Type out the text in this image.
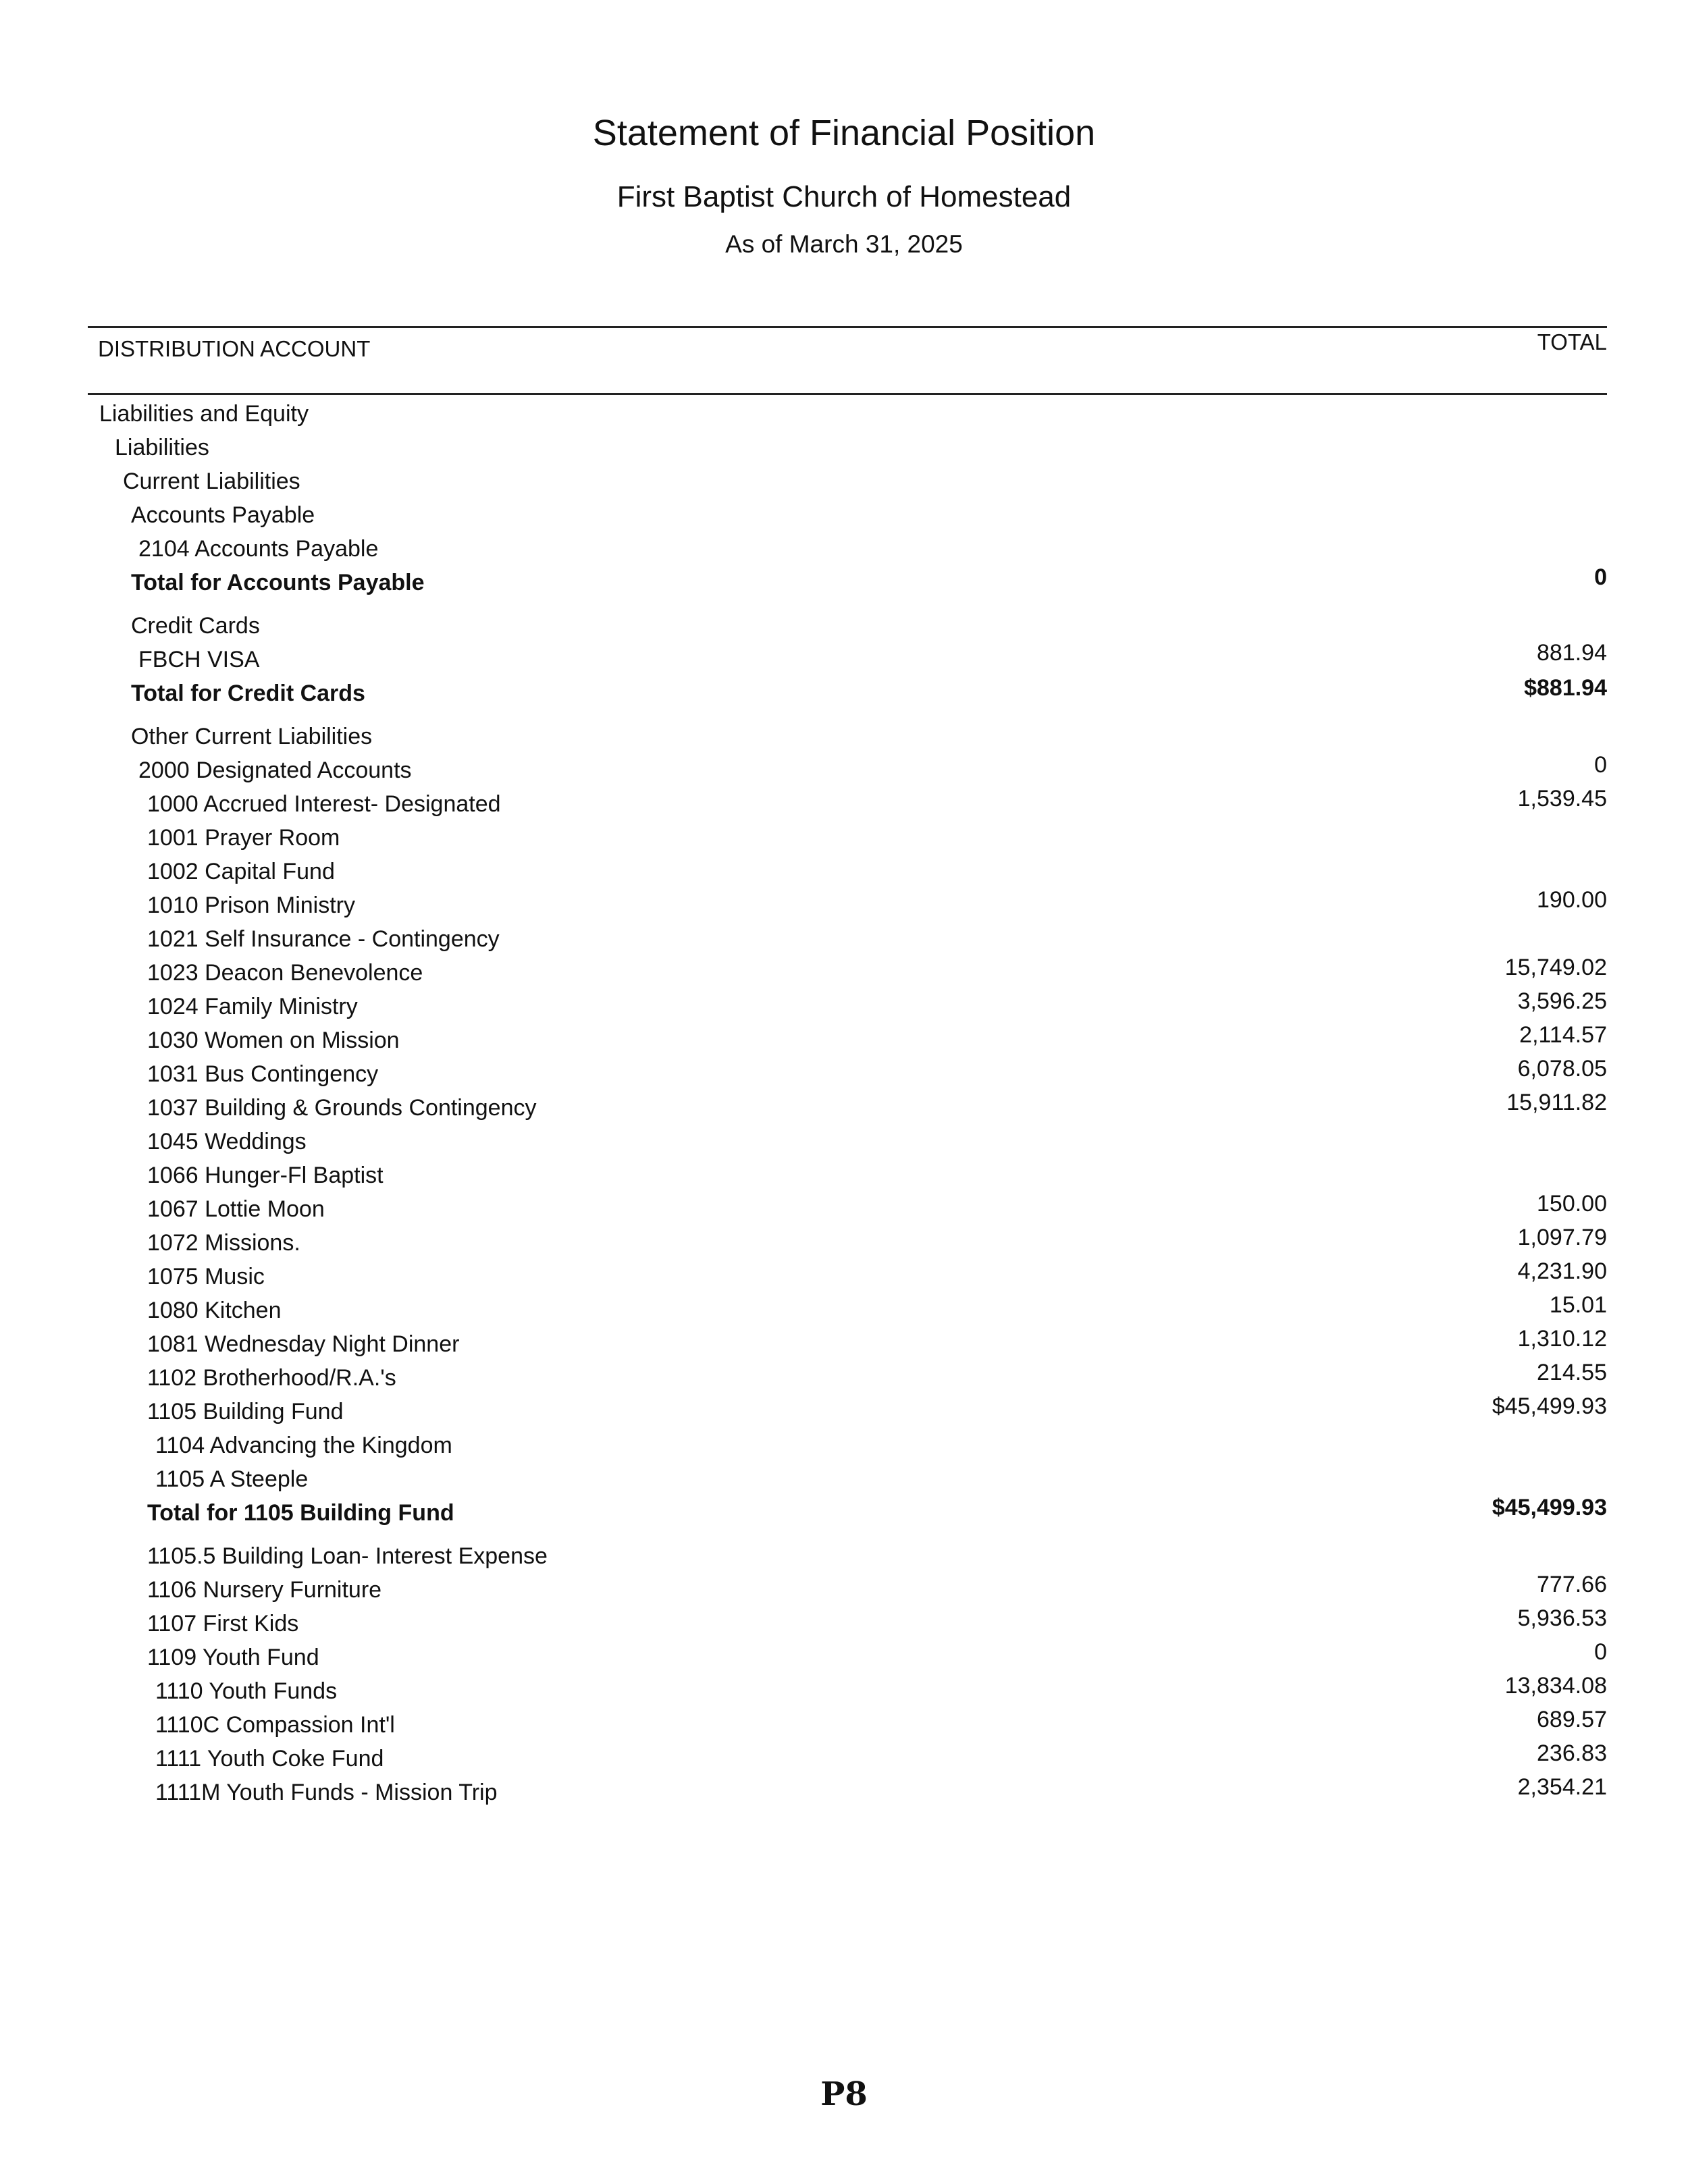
Statement of Financial Position
First Baptist Church of Homestead
As of March 31, 2025
DISTRIBUTION ACCOUNT	TOTAL
Liabilities and Equity
Liabilities
Current Liabilities
Accounts Payable
2104 Accounts Payable
Total for Accounts Payable	0
Credit Cards
FBCH VISA	881.94
Total for Credit Cards	$881.94
Other Current Liabilities
2000 Designated Accounts	0
1000 Accrued Interest- Designated	1,539.45
1001 Prayer Room
1002 Capital Fund
1010 Prison Ministry	190.00
1021 Self Insurance - Contingency
1023 Deacon Benevolence	15,749.02
1024 Family Ministry	3,596.25
1030 Women on Mission	2,114.57
1031 Bus Contingency	6,078.05
1037 Building & Grounds Contingency	15,911.82
1045 Weddings
1066 Hunger-Fl Baptist
1067 Lottie Moon	150.00
1072 Missions.	1,097.79
1075 Music	4,231.90
1080 Kitchen	15.01
1081 Wednesday Night Dinner	1,310.12
1102 Brotherhood/R.A.'s	214.55
1105 Building Fund	$45,499.93
1104 Advancing the Kingdom
1105 A Steeple
Total for 1105 Building Fund	$45,499.93
1105.5 Building Loan- Interest Expense
1106 Nursery Furniture	777.66
1107 First Kids	5,936.53
1109 Youth Fund	0
1110 Youth Funds	13,834.08
1110C Compassion Int'l	689.57
1111 Youth Coke Fund	236.83
1111M Youth Funds - Mission Trip	2,354.21
P8
